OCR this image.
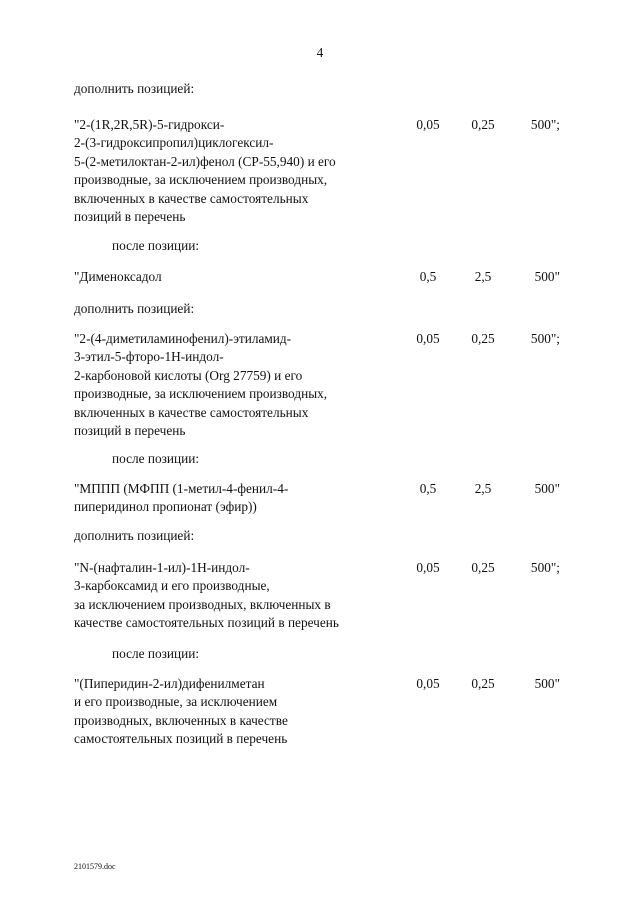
4
дополнить позицией:
"2-(1R,2R,5R)-5-гидрокси-
2-(3-гидроксипропил)циклогексил-
5-(2-метилоктан-2-ил)фенол (СР-55,940) и его
производные, за исключением производных,
включенных в качестве самостоятельных
позиций в перечень
0,05	0,25	500";
после позиции:
"Дименоксадол	0,5	2,5	500"
дополнить позицией:
"2-(4-диметиламинофенил)-этиламид-
3-этил-5-фторо-1Н-индол-
2-карбоновой кислоты (Org 27759) и его
производные, за исключением производных,
включенных в качестве самостоятельных
позиций в перечень
0,05	0,25	500";
после позиции:
"МППП (МФПП (1-метил-4-фенил-4-
пиперидинол пропионат (эфир))
0,5	2,5	500"
дополнить позицией:
"N-(нафталин-1-ил)-1Н-индол-
3-карбоксамид и его производные,
за исключением производных, включенных в
качестве самостоятельных позиций в перечень
0,05	0,25	500";
после позиции:
"(Пиперидин-2-ил)дифенилметан
и его производные, за исключением
производных, включенных в качестве
самостоятельных позиций в перечень
0,05	0,25	500"
2101579.doc
